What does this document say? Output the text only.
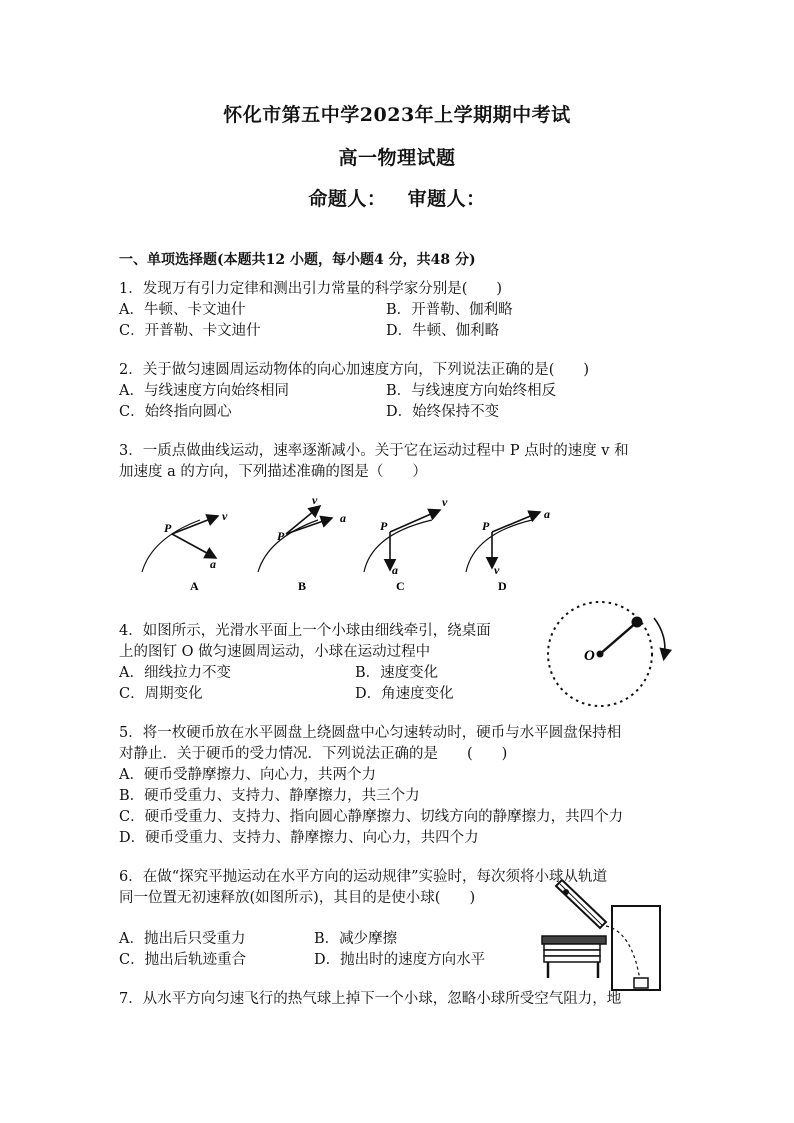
怀化市第五中学2023年上学期期中考试
高一物理试题
命题人：   审题人：
一、单项选择题(本题共12 小题，每小题4 分，共48 分)
1．发现万有引力定律和测出引力常量的科学家分别是(　　)
A．牛顿、卡文迪什	B．开普勒、伽利略
C．开普勒、卡文迪什	D．牛顿、伽利略
2．关于做匀速圆周运动物体的向心加速度方向，下列说法正确的是(　　)
A．与线速度方向始终相同	B．与线速度方向始终相反
C．始终指向圆心	D．始终保持不变
3．一质点做曲线运动，速率逐渐减小。关于它在运动过程中 P 点时的速度 v 和
加速度 a 的方向，下列描述准确的图是（　　）
P
v
a
A
P
v
a
B
P
v
a
C
P
a
v
D
4．如图所示，光滑水平面上一个小球由细线牵引，绕桌面
上的图钉 O 做匀速圆周运动，小球在运动过程中
A．细线拉力不变	B．速度变化
C．周期变化	D．角速度变化
O
5．将一枚硬币放在水平圆盘上绕圆盘中心匀速转动时，硬币与水平圆盘保持相
对静止．关于硬币的受力情况．下列说法正确的是　　(　　)
A．硬币受静摩擦力、向心力，共两个力
B．硬币受重力、支持力、静摩擦力，共三个力
C．硬币受重力、支持力、指向圆心静摩擦力、切线方向的静摩擦力，共四个力
D．硬币受重力、支持力、静摩擦力、向心力，共四个力
6．在做“探究平抛运动在水平方向的运动规律”实验时，每次须将小球从轨道
同一位置无初速释放(如图所示)，其目的是使小球(　　)
A．抛出后只受重力	B．减少摩擦
C．抛出后轨迹重合	D．抛出时的速度方向水平
7．从水平方向匀速飞行的热气球上掉下一个小球，忽略小球所受空气阻力，地
